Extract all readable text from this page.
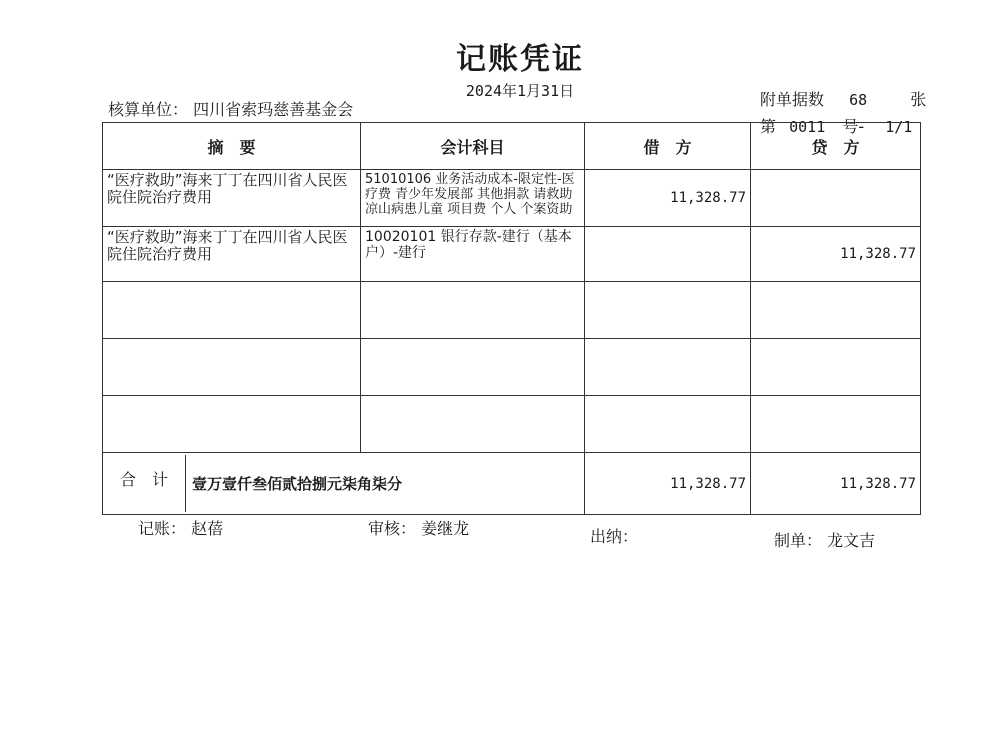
记账凭证
2024年1月31日
核算单位： 四川省索玛慈善基金会
附单据数 68	张
第 0011 号- 1/1
摘　要	会计科目	借　方	贷　方
“医疗救助”海来丁丁在四川省人民医院住院治疗费用	51010106 业务活动成本-限定性-医疗费 青少年发展部 其他捐款 请救助凉山病患儿童 项目费 个人 个案资助	11,328.77	
“医疗救助”海来丁丁在四川省人民医院住院治疗费用	10020101 银行存款-建行（基本户）-建行		11,328.77

合　计 壹万壹仟叁佰贰拾捌元柒角柒分		11,328.77	11,328.77
记账： 赵蓓	审核： 姜继龙	出纳：	制单： 龙文吉
